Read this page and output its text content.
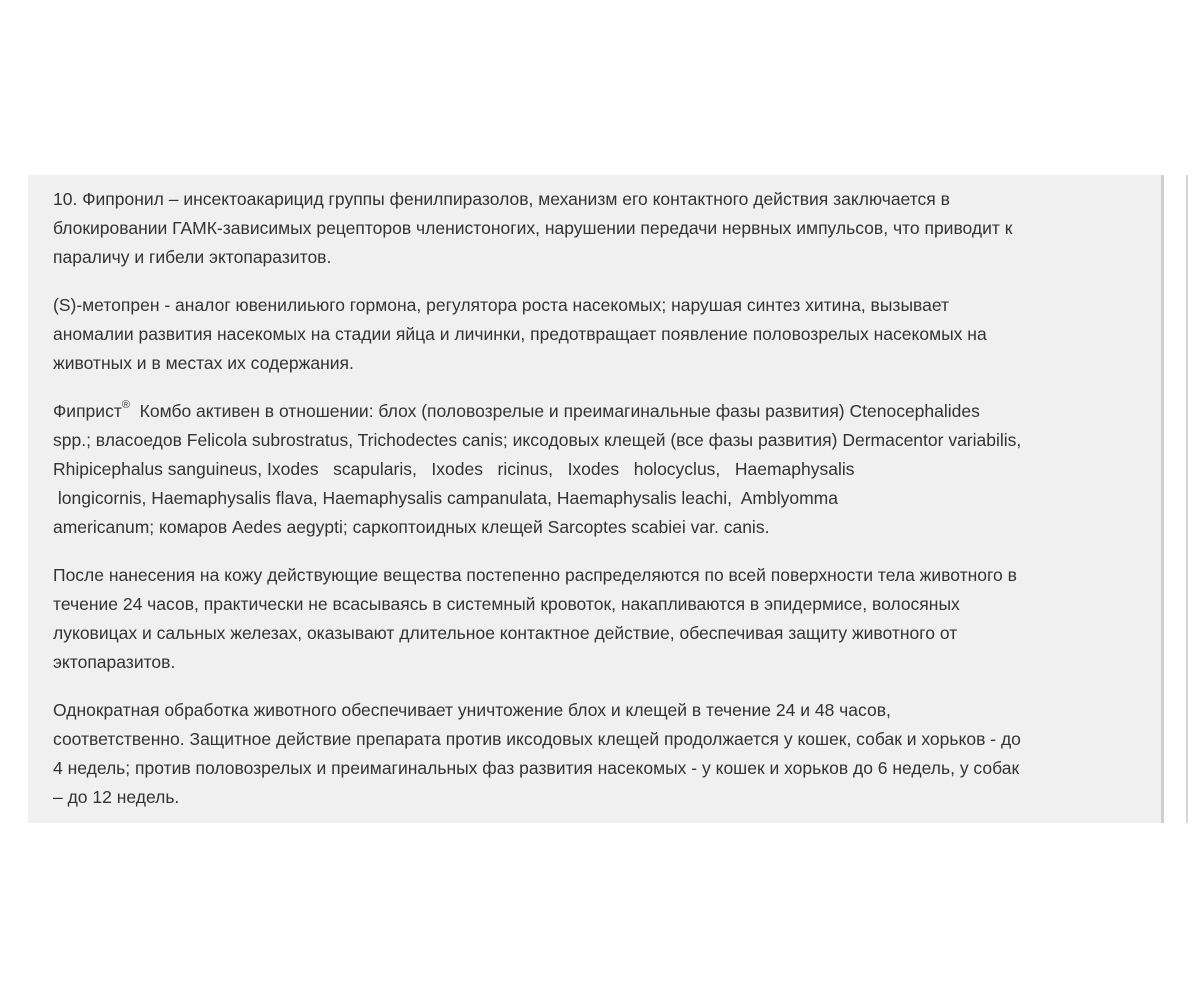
10. Фипронил – инсектоакарицид группы фенилпиразолов, механизм его контактного действия заключается в
блокировании ГАМК-зависимых рецепторов членистоногих, нарушении передачи нервных импульсов, что приводит к
параличу и гибели эктопаразитов.

(S)-метопрен - аналог ювенилиьюго гормона, регулятора роста насекомых; нарушая синтез хитина, вызывает
аномалии развития насекомых на стадии яйца и личинки, предотвращает появление половозрелых насекомых на
животных и в местах их содержания.

Фиприст®  Комбо активен в отношении: блох (половозрелые и преимагинальные фазы развития) Ctenocephalides
spp.; власоедов Felicola subrostratus, Trichodectes canis; иксодовых клещей (все фазы развития) Dermacentor variabilis,
Rhipicephalus sanguineus, Ixodes   scapularis,   Ixodes   ricinus,   Ixodes   holocyclus,   Haemaphysalis
longicornis, Haemaphysalis flava, Haemaphysalis campanulata, Haemaphysalis leachi,  Amblyomma
americanum; комаров Aedes aegypti; саркоптоидных клещей Sarcoptes scabiei var. canis.

После нанесения на кожу действующие вещества постепенно распределяются по всей поверхности тела животного в
течение 24 часов, практически не всасываясь в системный кровоток, накапливаются в эпидермисе, волосяных
луковицах и сальных железах, оказывают длительное контактное действие, обеспечивая защиту животного от
эктопаразитов.

Однократная обработка животного обеспечивает уничтожение блох и клещей в течение 24 и 48 часов,
соответственно. Защитное действие препарата против иксодовых клещей продолжается у кошек, собак и хорьков - до
4 недель; против половозрелых и преимагинальных фаз развития насекомых - у кошек и хорьков до 6 недель, у собак
– до 12 недель.
